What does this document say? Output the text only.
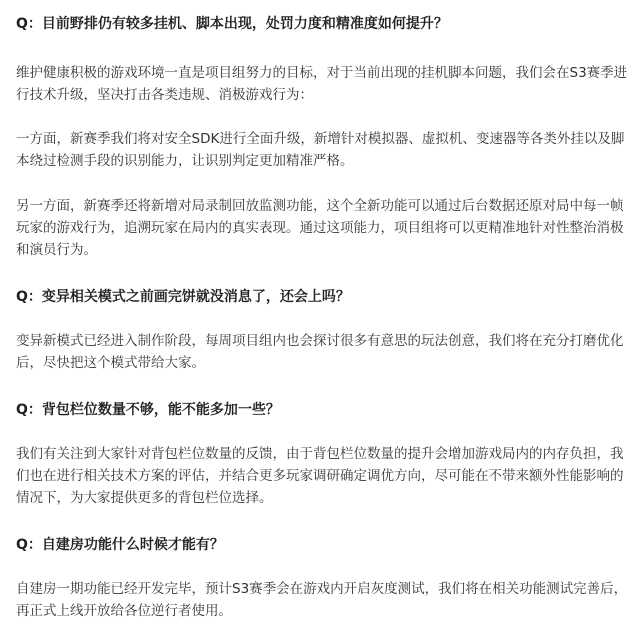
Q：目前野排仍有较多挂机、脚本出现，处罚力度和精准度如何提升？
维护健康积极的游戏环境一直是项目组努力的目标，对于当前出现的挂机脚本问题，我们会在S3赛季进
行技术升级，坚决打击各类违规、消极游戏行为：
一方面，新赛季我们将对安全SDK进行全面升级，新增针对模拟器、虚拟机、变速器等各类外挂以及脚
本绕过检测手段的识别能力，让识别判定更加精准严格。
另一方面，新赛季还将新增对局录制回放监测功能，这个全新功能可以通过后台数据还原对局中每一帧
玩家的游戏行为，追溯玩家在局内的真实表现。通过这项能力，项目组将可以更精准地针对性整治消极
和演员行为。
Q：变异相关模式之前画完饼就没消息了，还会上吗？
变异新模式已经进入制作阶段，每周项目组内也会探讨很多有意思的玩法创意，我们将在充分打磨优化
后，尽快把这个模式带给大家。
Q：背包栏位数量不够，能不能多加一些？
我们有关注到大家针对背包栏位数量的反馈，由于背包栏位数量的提升会增加游戏局内的内存负担，我
们也在进行相关技术方案的评估，并结合更多玩家调研确定调优方向，尽可能在不带来额外性能影响的
情况下，为大家提供更多的背包栏位选择。
Q：自建房功能什么时候才能有？
自建房一期功能已经开发完毕，预计S3赛季会在游戏内开启灰度测试，我们将在相关功能测试完善后，
再正式上线开放给各位逆行者使用。
